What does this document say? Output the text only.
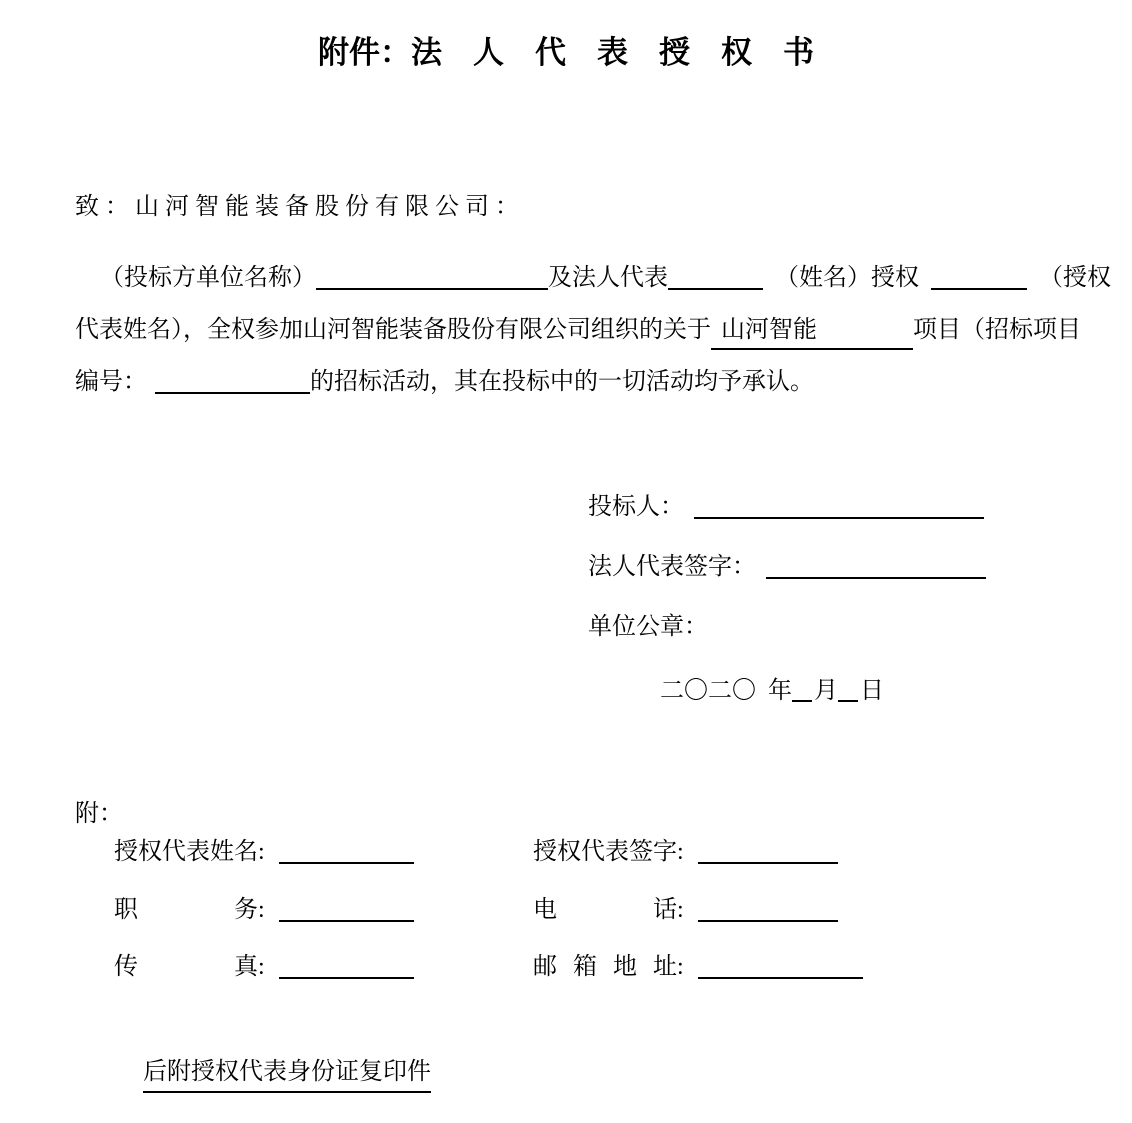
附件： 法人代表授权书
致：山河智能装备股份有限公司：
（投标方单位名称）	及法人代表	（姓名）授权	（授权
代表姓名），全权参加山河智能装备股份有限公司组织的关于 山河智能	项目（招标项目
编号：	的招标活动，其在投标中的一切活动均予承认。
投标人：
法人代表签字：
单位公章：
二〇二〇 年 月 日
附：
授权代表姓名:	授权代表签字:
职务:	电话:
传真:	邮箱地址:
后附授权代表身份证复印件
